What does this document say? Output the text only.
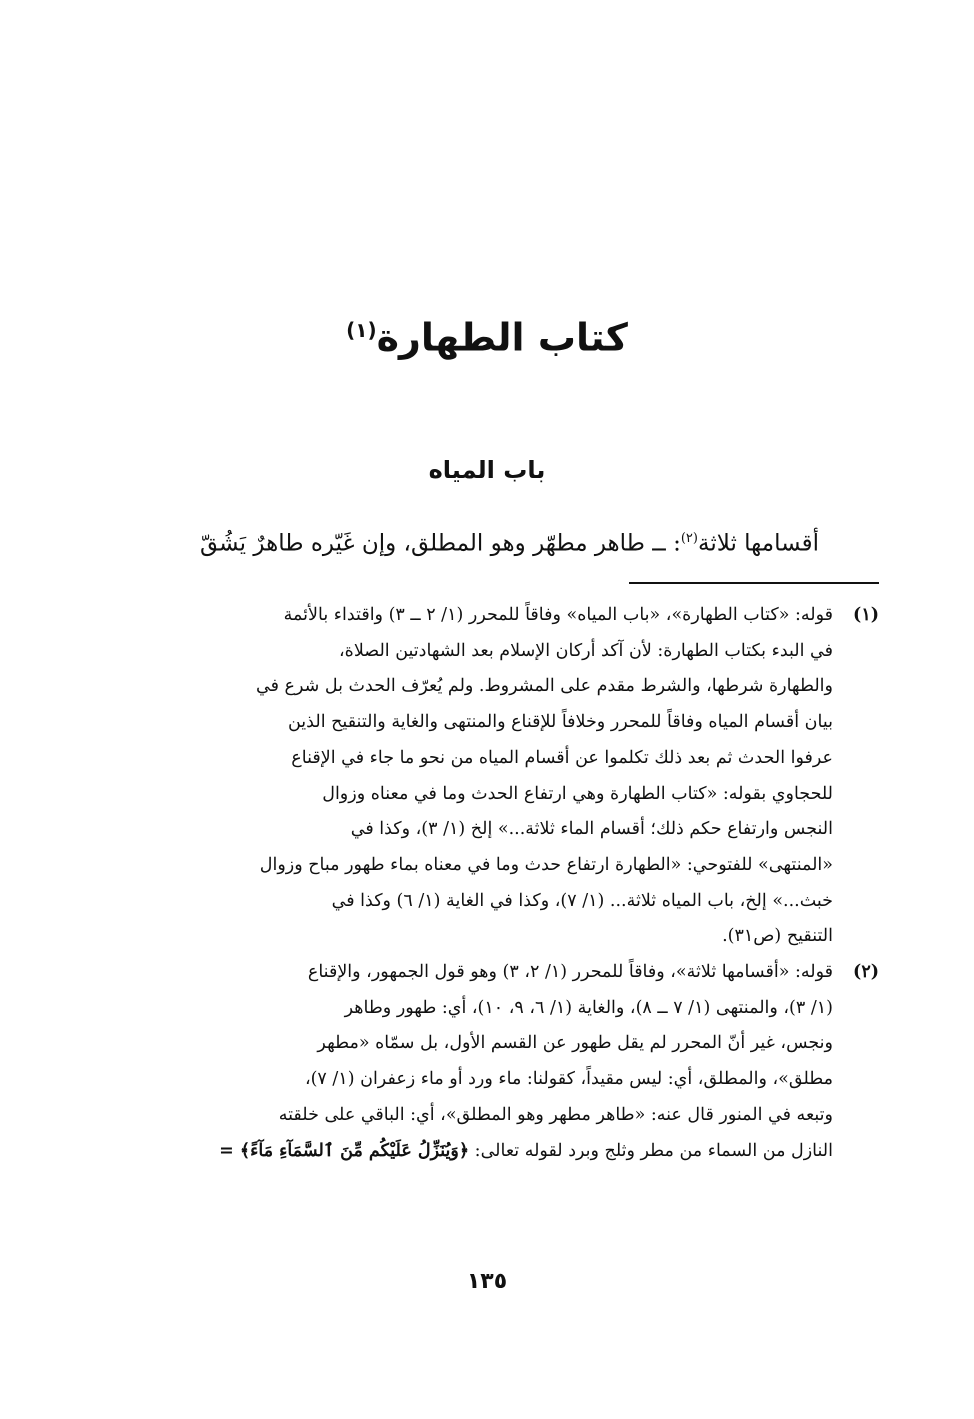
كتاب الطهارة$^{(١)}$
باب المياه
أقسامها ثلاثة$^{(٢)}$: ــ طاهر مطهّر وهو المطلق، وإن غَيّره طاهرٌ يَشُقّ
(١)
قوله: «كتاب الطهارة»، «باب المياه» وفاقاً للمحرر (١/ ٢ ــ ٣) واقتداء بالأئمة
في البدء بكتاب الطهارة: لأن آكد أركان الإسلام بعد الشهادتين الصلاة،
والطهارة شرطها، والشرط مقدم على المشروط. ولم يُعرّف الحدث بل شرع في
بيان أقسام المياه وفاقاً للمحرر وخلافاً للإقناع والمنتهى والغاية والتنقيح الذين
عرفوا الحدث ثم بعد ذلك تكلموا عن أقسام المياه من نحو ما جاء في الإقناع
للحجاوي بقوله: «كتاب الطهارة وهي ارتفاع الحدث وما في معناه وزوال
النجس وارتفاع حكم ذلك؛ أقسام الماء ثلاثة...» إلخ (١/ ٣)، وكذا في
«المنتهى» للفتوحي: «الطهارة ارتفاع حدث وما في معناه بماء طهور مباح وزوال
خبث...» إلخ، باب المياه ثلاثة... (١/ ٧)، وكذا في الغاية (١/ ٦) وكذا في
التنقيح (ص٣١).
(٢)
قوله: «أقسامها ثلاثة»، وفاقاً للمحرر (١/ ٢، ٣) وهو قول الجمهور، والإقناع
(١/ ٣)، والمنتهى (١/ ٧ ــ ٨)، والغاية (١/ ٦، ٩، ١٠)، أي: طهور وطاهر
ونجس، غير أنّ المحرر لم يقل طهور عن القسم الأول، بل سمّاه «مطهر
مطلق»، والمطلق، أي: ليس مقيداً، كقولنا: ماء ورد أو ماء زعفران (١/ ٧)،
وتبعه في المنور قال عنه: «طاهر مطهر وهو المطلق»، أي: الباقي على خلقته
النازل من السماء من مطر وثلج وبرد لقوله تعالى: ﴿وَيُنَزِّلُ عَلَيْكُم مِّنَ ٱلسَّمَآءِ مَآءً﴾ =
١٣٥
